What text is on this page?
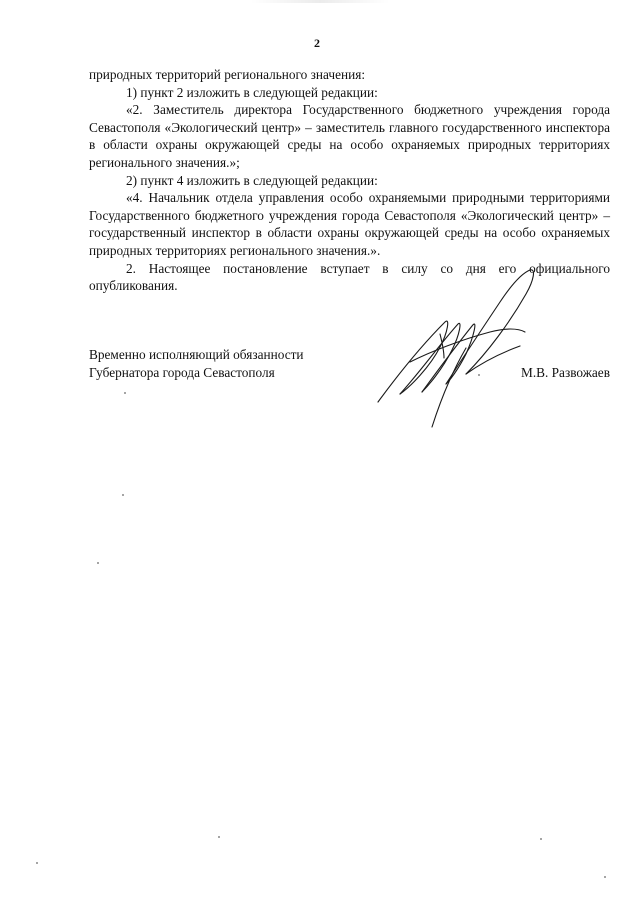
2

природных территорий регионального значения:

1) пункт 2 изложить в следующей редакции:

«2. Заместитель директора Государственного бюджетного учреждения города Севастополя «Экологический центр» – заместитель главного государственного инспектора в области охраны окружающей среды на особо охраняемых природных территориях регионального значения.»;

2) пункт 4 изложить в следующей редакции:

«4. Начальник отдела управления особо охраняемыми природными территориями Государственного бюджетного учреждения города Севастополя «Экологический центр» – государственный инспектор в области охраны окружающей среды на особо охраняемых природных территориях регионального значения.».

2. Настоящее постановление вступает в силу со дня его официального опубликования.

Временно исполняющий обязанности
Губернатора города Севастополя	М.В. Развожаев
